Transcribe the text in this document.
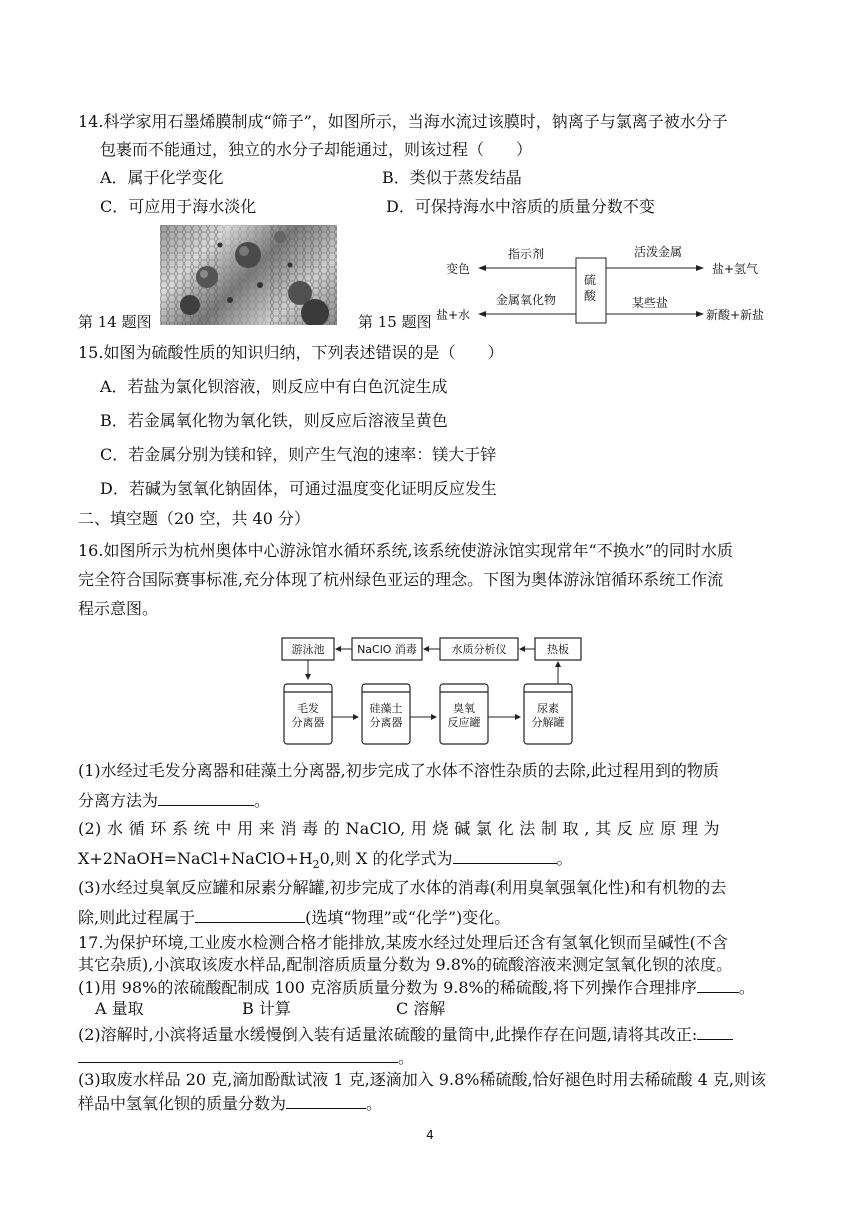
14.科学家用石墨烯膜制成“筛子”，如图所示，当海水流过该膜时，钠离子与氯离子被水分子
包裹而不能通过，独立的水分子却能通过，则该过程（　　）
A．属于化学变化	B．类似于蒸发结晶
C．可应用于海水淡化	D．可保持海水中溶质的质量分数不变
第 14 题图	第 15 题图
硫
酸
指示剂
变色
活泼金属
盐+氢气
金属氧化物
盐+水
某些盐
新酸+新盐
15.如图为硫酸性质的知识归纳，下列表述错误的是（　　）
A．若盐为氯化钡溶液，则反应中有白色沉淀生成
B．若金属氧化物为氧化铁，则反应后溶液呈黄色
C．若金属分别为镁和锌，则产生气泡的速率：镁大于锌
D．若碱为氢氧化钠固体，可通过温度变化证明反应发生
二、填空题（20 空，共 40 分）
16.如图所示为杭州奥体中心游泳馆水循环系统,该系统使游泳馆实现常年“不换水”的同时水质
完全符合国际赛事标准,充分体现了杭州绿色亚运的理念。下图为奥体游泳馆循环系统工作流
程示意图。
游泳池	NaClO 消毒	水质分析仪	热板
毛发
分离器
硅藻土
分离器
臭氧
反应罐
尿素
分解罐
(1)水经过毛发分离器和硅藻土分离器,初步完成了水体不溶性杂质的去除,此过程用到的物质
分离方法为	。
(2) 水 循 环 系 统 中 用 来 消 毒 的 NaClO, 用 烧 碱 氯 化 法 制 取 , 其 反 应 原 理 为
$X+2NaOH=NaCl+NaClO+H_20$,则 X 的化学式为	。
(3)水经过臭氧反应罐和尿素分解罐,初步完成了水体的消毒(利用臭氧强氧化性)和有机物的去
除,则此过程属于	(选填“物理”或“化学”)变化。
17.为保护环境,工业废水检测合格才能排放,某废水经过处理后还含有氢氧化钡而呈碱性(不含
其它杂质),小滨取该废水样品,配制溶质质量分数为 9.8%的硫酸溶液来测定氢氧化钡的浓度。
(1)用 98%的浓硫酸配制成 100 克溶质质量分数为 9.8%的稀硫酸,将下列操作合理排序	。
A 量取	B 计算	C 溶解
(2)溶解时,小滨将适量水缓慢倒入装有适量浓硫酸的量筒中,此操作存在问题,请将其改正:
。
(3)取废水样品 20 克,滴加酚酞试液 1 克,逐滴加入 9.8%稀硫酸,恰好褪色时用去稀硫酸 4 克,则该
样品中氢氧化钡的质量分数为	。
4
